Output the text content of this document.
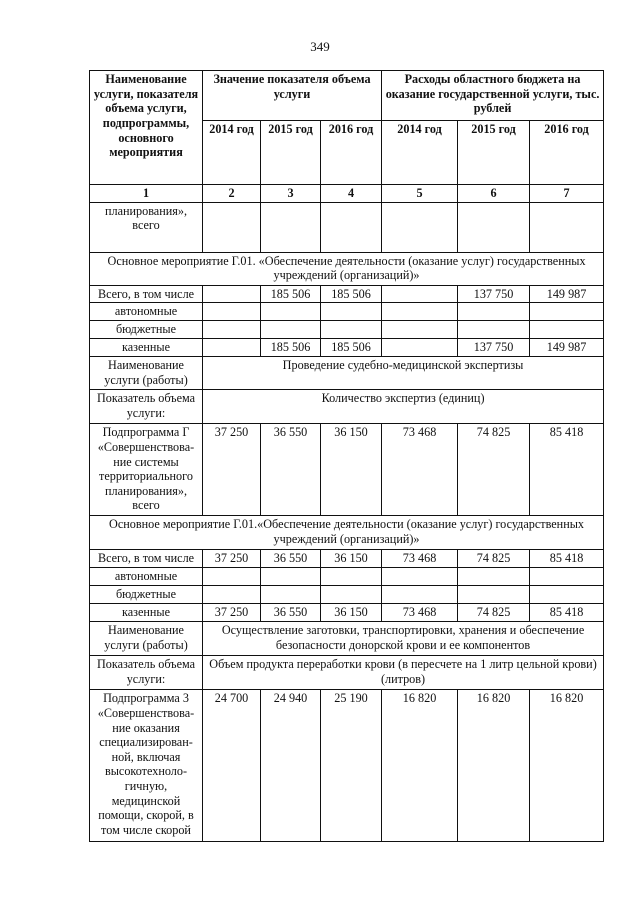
349
Наименование услуги, показателя объема услуги, подпрограммы, основного мероприятия	Значение показателя объема услуги			Расходы областного бюджета на оказание государственной услуги, тыс. рублей		
	2014 год	2015 год	2016 год	2014 год	2015 год	2016 год
1	2	3	4	5	6	7
планирования», всего						
Основное мероприятие Г.01. «Обеспечение деятельности (оказание услуг) государственных учреждений (организаций)»						
Всего, в том числе		185 506	185 506		137 750	149 987
автономные						
бюджетные						
казенные		185 506	185 506		137 750	149 987
Наименование услуги (работы)	Проведение судебно-медицинской экспертизы					
Показатель объема услуги:	Количество экспертиз (единиц)					
Подпрограмма Г «Совершенствова-ние системы территориального планирования», всего	37 250	36 550	36 150	73 468	74 825	85 418
Основное мероприятие Г.01.«Обеспечение деятельности (оказание услуг) государственных учреждений (организаций)»						
Всего, в том числе	37 250	36 550	36 150	73 468	74 825	85 418
автономные						
бюджетные						
казенные	37 250	36 550	36 150	73 468	74 825	85 418
Наименование услуги (работы)	Осуществление заготовки, транспортировки, хранения и обеспечение безопасности донорской крови и ее компонентов					
Показатель объема услуги:	Объем продукта переработки крови (в пересчете на 1 литр цельной крови) (литров)					
Подпрограмма 3 «Совершенствова-ние оказания специализирован-ной, включая высокотехноло-гичную, медицинской помощи, скорой, в том числе скорой	24 700	24 940	25 190	16 820	16 820	16 820
